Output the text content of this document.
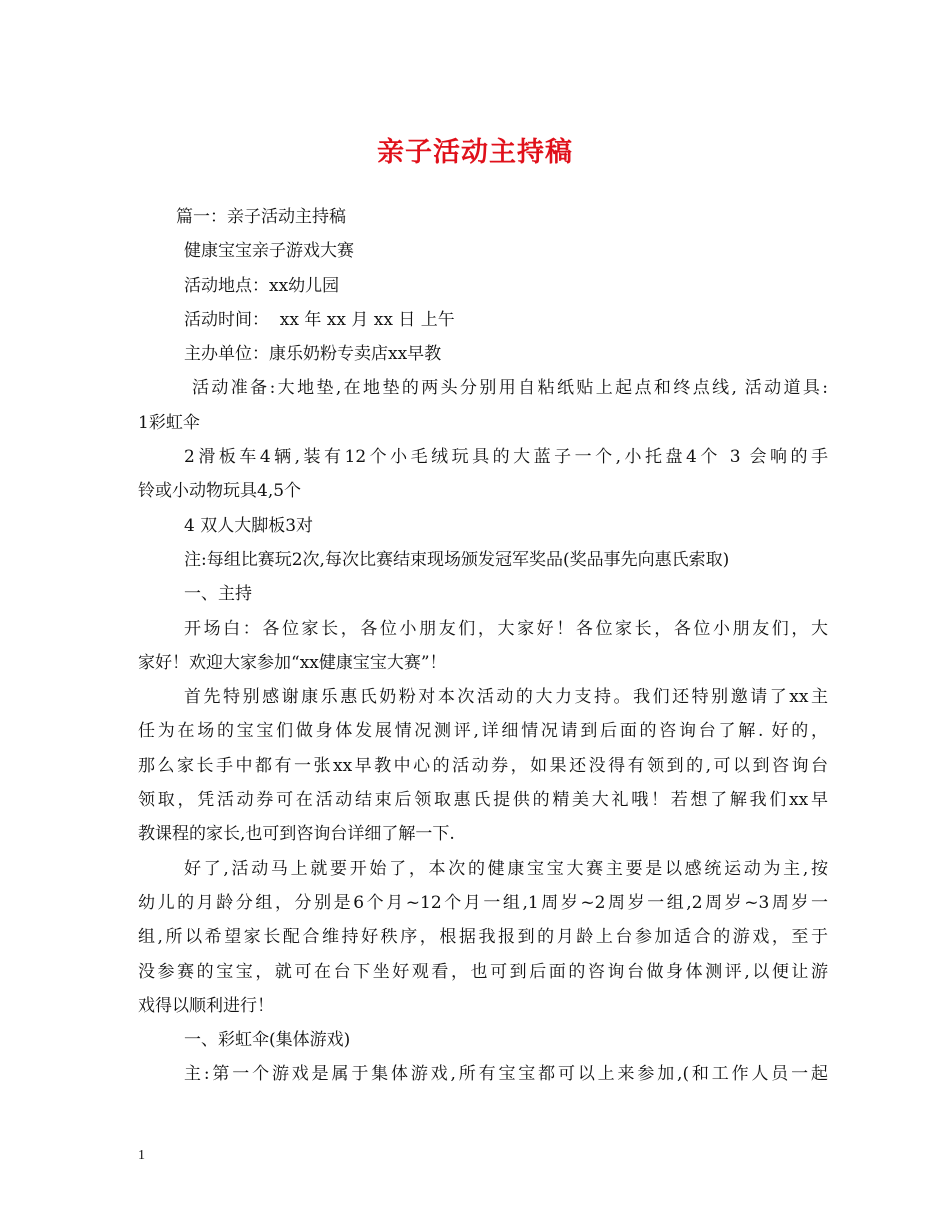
亲子活动主持稿
篇一：亲子活动主持稿
健康宝宝亲子游戏大赛
活动地点：xx幼儿园
活动时间：  xx 年 xx 月 xx 日 上午
主办单位：康乐奶粉专卖店xx早教
活动准备:大地垫,在地垫的两头分别用自粘纸贴上起点和终点线, 活动道具:
1彩虹伞
2滑板车4辆,装有12个小毛绒玩具的大蓝子一个,小托盘4个 3 会响的手
铃或小动物玩具4,5个
4 双人大脚板3对
注:每组比赛玩2次,每次比赛结束现场颁发冠军奖品(奖品事先向惠氏索取)
一、主持
开场白：各位家长，各位小朋友们，大家好！各位家长，各位小朋友们，大
家好！欢迎大家参加“xx健康宝宝大赛”！
首先特别感谢康乐惠氏奶粉对本次活动的大力支持。我们还特别邀请了xx主
任为在场的宝宝们做身体发展情况测评,详细情况请到后面的咨询台了解. 好的，
那么家长手中都有一张xx早教中心的活动券，如果还没得有领到的,可以到咨询台
领取，凭活动券可在活动结束后领取惠氏提供的精美大礼哦！若想了解我们xx早
教课程的家长,也可到咨询台详细了解一下.
好了,活动马上就要开始了，本次的健康宝宝大赛主要是以感统运动为主,按
幼儿的月龄分组，分别是6个月~12个月一组,1周岁~2周岁一组,2周岁~3周岁一
组,所以希望家长配合维持好秩序，根据我报到的月龄上台参加适合的游戏，至于
没参赛的宝宝，就可在台下坐好观看，也可到后面的咨询台做身体测评,以便让游
戏得以顺利进行！
一、彩虹伞(集体游戏)
主:第一个游戏是属于集体游戏,所有宝宝都可以上来参加,(和工作人员一起
1
